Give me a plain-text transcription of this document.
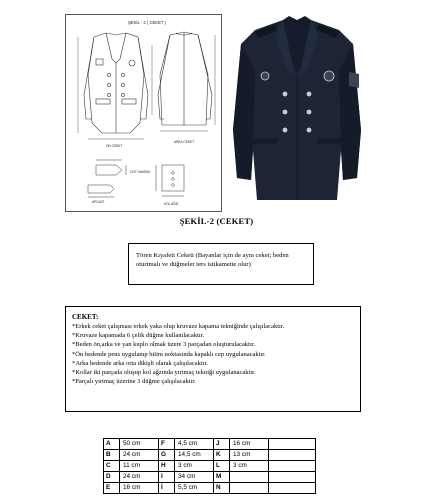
ŞEKİL - 2 ( CEKET )
ÖN CEKET
ARKA CEKET
COT HAKEMI
APOLET	KOL AĞZI
ŞEKİL-2 (CEKET)
Tören Kıyafeti Ceketi (Bayanlar için de aynı ceket; beden oturtmalı ve düğmeler ters istikamette olur)
CEKET:
*Erkek ceket çalışması erkek yaka olup kruvaze kapama tekniğinde çalışılacaktır.
*Kruvaze kapamada 6 çelik düğme kullanılacaktır.
*Beden ön,arka ve yan kuplo olmak üzere 3 parçadan oluşturulacaktır.
*Ön bedende pens uygulanıp bitim noktasında kapaklı cep uygulanacaktır.
*Arka bedende arka orta dikişli olarak çalışılacaktır.
*Kollar iki parçada oluşup kol ağzında yırtmaç tekniği uygulanacaktır.
*Parçalı yırtmaç üzerine 3 düğme çalışılacaktır.
A	50 cm	F	4,5 cm	J	16 cm	
B	24 cm	G	14,5 cm	K	13 cm	
C	11 cm	H	3 cm	L	3 cm	
D	24 cm	I	34 cm	M		
E	16 cm	İ	5,5 cm	N		
